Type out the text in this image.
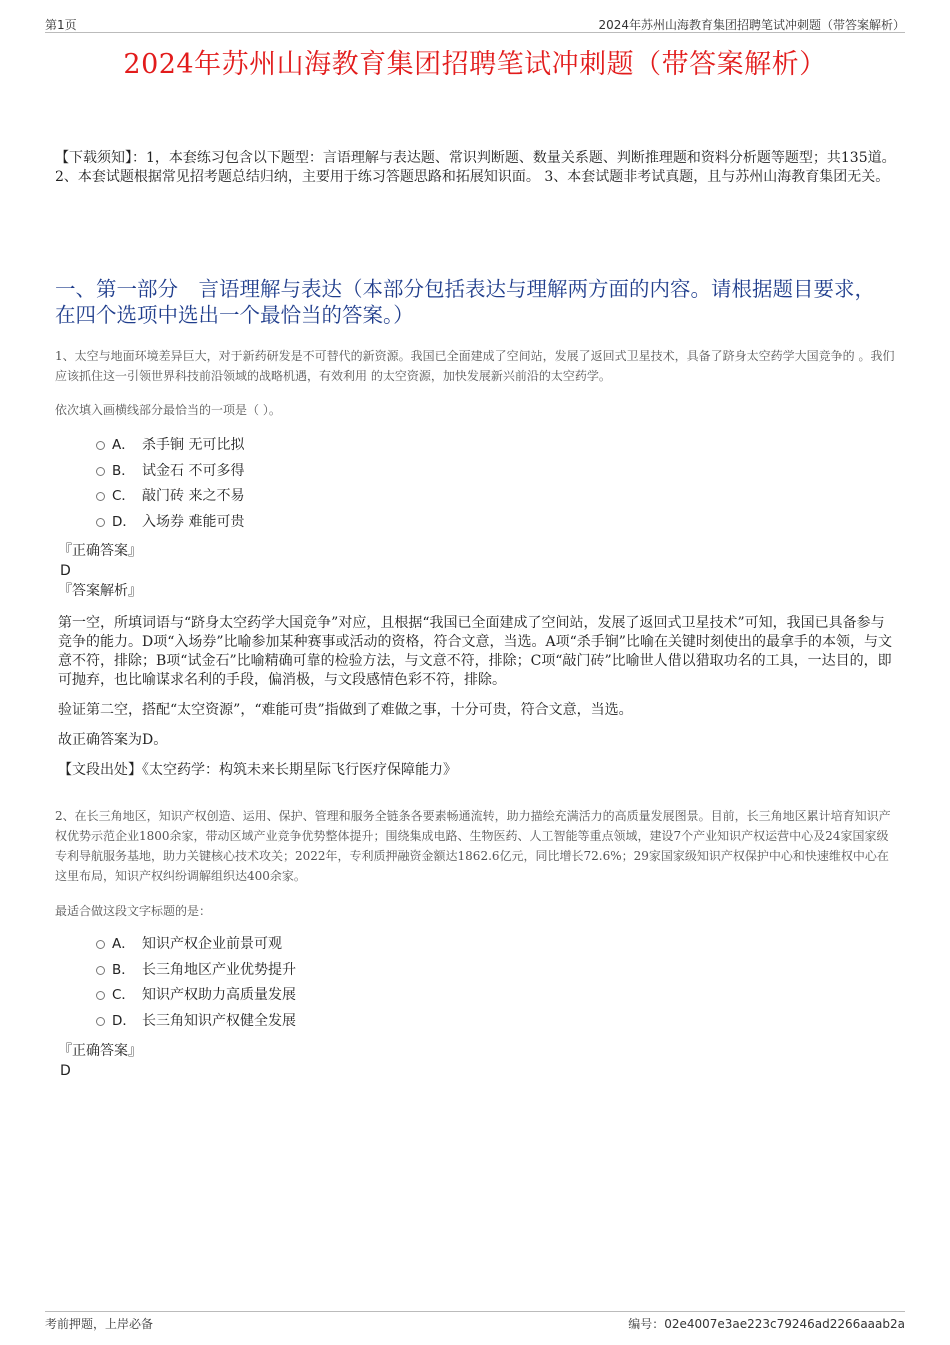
第1页	2024年苏州山海教育集团招聘笔试冲刺题（带答案解析）
2024年苏州山海教育集团招聘笔试冲刺题（带答案解析）
【下载须知】：1，本套练习包含以下题型：言语理解与表达题、常识判断题、数量关系题、判断推理题和资料分析题等题型；共135道。 2、本套试题根据常见招考题总结归纳，主要用于练习答题思路和拓展知识面。 3、本套试题非考试真题，且与苏州山海教育集团无关。
一、第一部分　言语理解与表达（本部分包括表达与理解两方面的内容。请根据题目要求，在四个选项中选出一个最恰当的答案。）
1、太空与地面环境差异巨大，对于新药研发是不可替代的新资源。我国已全面建成了空间站，发展了返回式卫星技术，具备了跻身太空药学大国竞争的 。我们应该抓住这一引领世界科技前沿领域的战略机遇，有效利用 的太空资源，加快发展新兴前沿的太空药学。
依次填入画横线部分最恰当的一项是（ ）。
A． 杀手锏 无可比拟
B． 试金石 不可多得
C． 敲门砖 来之不易
D． 入场券 难能可贵
『正确答案』
D
『答案解析』

第一空，所填词语与“跻身太空药学大国竞争”对应，且根据“我国已全面建成了空间站，发展了返回式卫星技术”可知，我国已具备参与竞争的能力。D项“入场券”比喻参加某种赛事或活动的资格，符合文意，当选。A项“杀手锏”比喻在关键时刻使出的最拿手的本领，与文意不符，排除；B项“试金石”比喻精确可靠的检验方法，与文意不符，排除；C项“敲门砖”比喻世人借以猎取功名的工具，一达目的，即可抛弃，也比喻谋求名利的手段，偏消极，与文段感情色彩不符，排除。

验证第二空，搭配“太空资源”，“难能可贵”指做到了难做之事，十分可贵，符合文意，当选。

故正确答案为D。

【文段出处】《太空药学：构筑未来长期星际飞行医疗保障能力》

2、在长三角地区，知识产权创造、运用、保护、管理和服务全链条各要素畅通流转，助力描绘充满活力的高质量发展图景。目前，长三角地区累计培育知识产权优势示范企业1800余家，带动区域产业竞争优势整体提升；围绕集成电路、生物医药、人工智能等重点领域，建设7个产业知识产权运营中心及24家国家级专利导航服务基地，助力关键核心技术攻关；2022年，专利质押融资金额达1862.6亿元，同比增长72.6%；29家国家级知识产权保护中心和快速维权中心在这里布局，知识产权纠纷调解组织达400余家。
最适合做这段文字标题的是：
A． 知识产权企业前景可观
B． 长三角地区产业优势提升
C． 知识产权助力高质量发展
D． 长三角知识产权健全发展
『正确答案』
D
考前押题，上岸必备	编号：02e4007e3ae223c79246ad2266aaab2a
